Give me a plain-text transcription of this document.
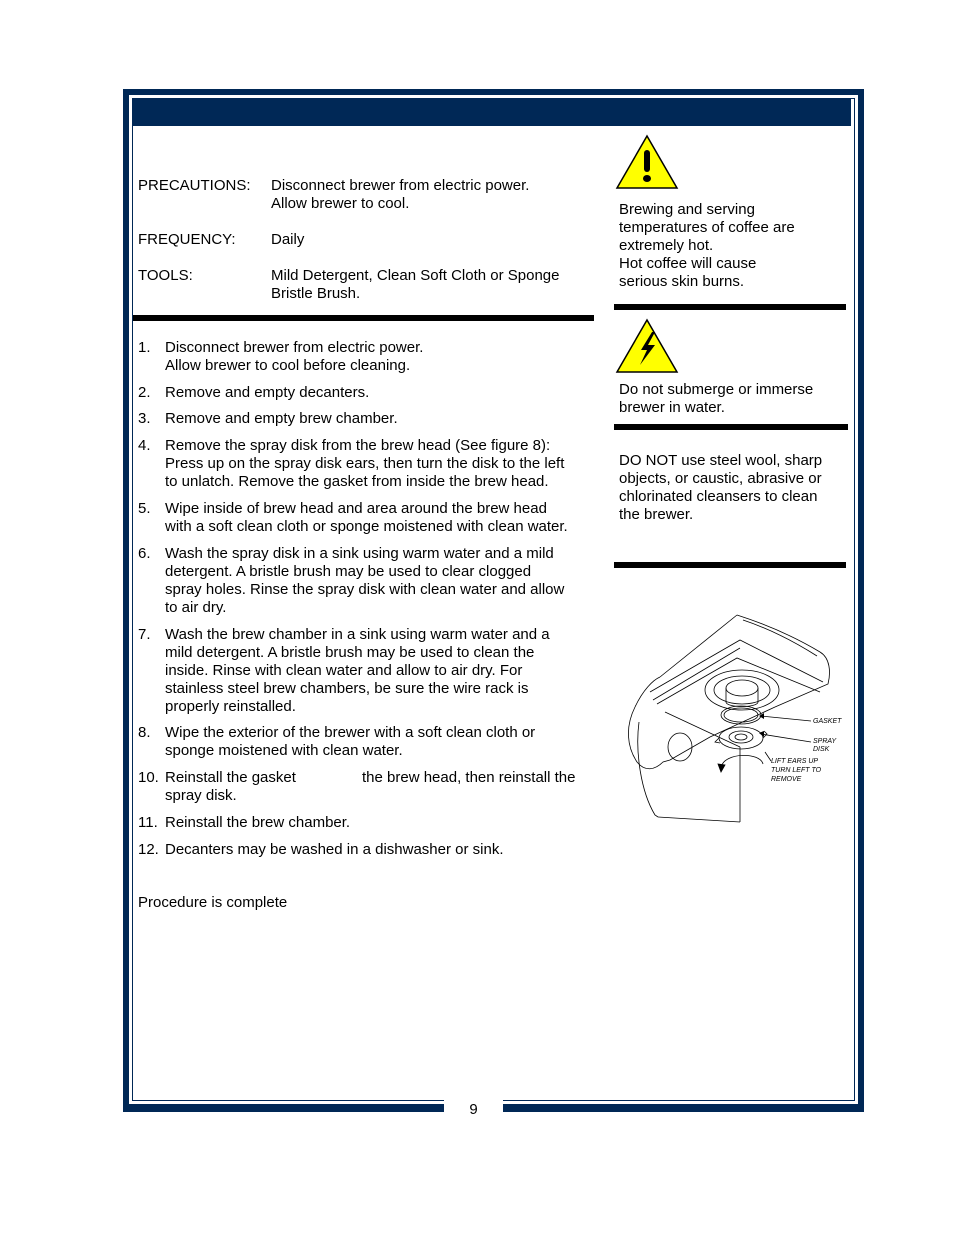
9
PRECAUTIONS: Disconnect brewer from electric power.
Allow brewer to cool.
FREQUENCY: Daily
TOOLS:	Mild Detergent, Clean Soft Cloth or Sponge
Bristle Brush.
1. Disconnect brewer from electric power.
Allow brewer to cool before cleaning.
2. Remove and empty decanters.
3. Remove and empty brew chamber.
4. Remove the spray disk from the brew head (See figure 8):
Press up on the spray disk ears, then turn the disk to the left
to unlatch. Remove the gasket from inside the brew head.
5. Wipe inside of brew head and area around the brew head
with a soft clean cloth or sponge moistened with clean water.
6. Wash the spray disk in a sink using warm water and a mild
detergent. A bristle brush may be used to clear clogged
spray holes. Rinse the spray disk with clean water and allow
to air dry.
7. Wash the brew chamber in a sink using warm water and a
mild detergent. A bristle brush may be used to clean the
inside. Rinse with clean water and allow to air dry. For
stainless steel brew chambers, be sure the wire rack is
properly reinstalled.
8. Wipe the exterior of the brewer with a soft clean cloth or
sponge moistened with clean water.
10. Reinstall the gasket	the brew head, then reinstall the
spray disk.
11. Reinstall the brew chamber.
12. Decanters may be washed in a dishwasher or sink.
Procedure is complete
Brewing and serving
temperatures of coffee are
extremely hot.
Hot coffee will cause
serious skin burns.
Do not submerge or immerse
brewer in water.
DO NOT use steel wool, sharp
objects, or caustic, abrasive or
chlorinated cleansers to clean
the brewer.
GASKET
SPRAY
DISK
LIFT EARS UP
TURN LEFT TO
REMOVE
